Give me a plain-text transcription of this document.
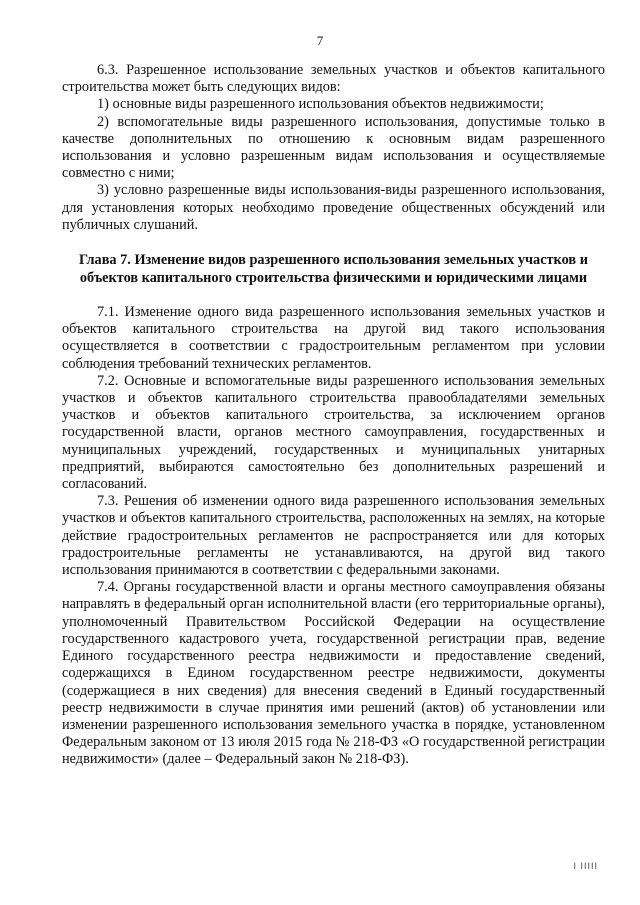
7

6.3. Разрешенное использование земельных участков и объектов капитального строительства может быть следующих видов:

1) основные виды разрешенного использования объектов недвижимости;

2) вспомогательные виды разрешенного использования, допустимые только в качестве дополнительных по отношению к основным видам разрешенного использования и условно разрешенным видам использования и осуществляемые совместно с ними;

3) условно разрешенные виды использования-виды разрешенного использования, для установления которых необходимо проведение общественных обсуждений или публичных слушаний.

Глава 7. Изменение видов разрешенного использования земельных участков и объектов капитального строительства физическими и юридическими лицами

7.1. Изменение одного вида разрешенного использования земельных участков и объектов капитального строительства на другой вид такого использования осуществляется в соответствии с градостроительным регламентом при условии соблюдения требований технических регламентов.

7.2. Основные и вспомогательные виды разрешенного использования земельных участков и объектов капитального строительства правообладателями земельных участков и объектов капитального строительства, за исключением органов государственной власти, органов местного самоуправления, государственных и муниципальных учреждений, государственных и муниципальных унитарных предприятий, выбираются самостоятельно без дополнительных разрешений и согласований.

7.3. Решения об изменении одного вида разрешенного использования земельных участков и объектов капитального строительства, расположенных на землях, на которые действие градостроительных регламентов не распространяется или для которых градостроительные регламенты не устанавливаются, на другой вид такого использования принимаются в соответствии с федеральными законами.

7.4. Органы государственной власти и органы местного самоуправления обязаны направлять в федеральный орган исполнительной власти (его территориальные органы), уполномоченный Правительством Российской Федерации на осуществление государственного кадастрового учета, государственной регистрации прав, ведение Единого государственного реестра недвижимости и предоставление сведений, содержащихся в Едином государственном реестре недвижимости, документы (содержащиеся в них сведения) для внесения сведений в Единый государственный реестр недвижимости в случае принятия ими решений (актов) об установлении или изменении разрешенного использования земельного участка в порядке, установленном Федеральным законом от 13 июля 2015 года № 218-ФЗ «О государственной регистрации недвижимости» (далее – Федеральный закон № 218-ФЗ).

I IIIII
